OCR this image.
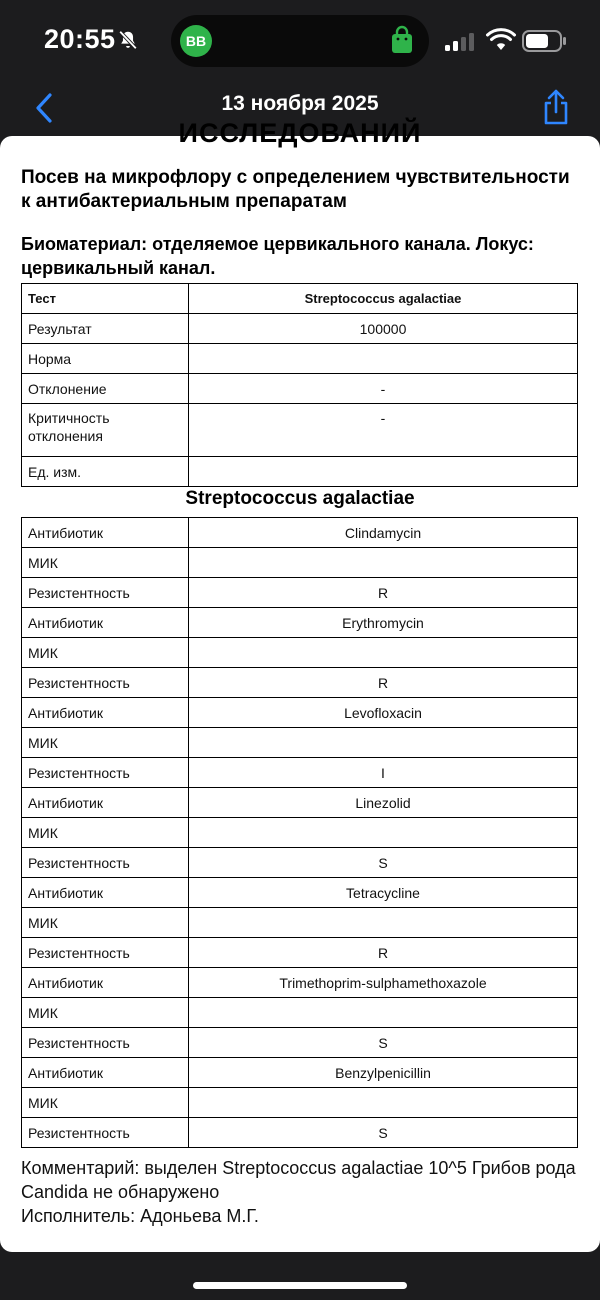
20:55	BB
13 ноября 2025
ИССЛЕДОВАНИЙ
Посев на микрофлору с определением чувствительности к антибактериальным препаратам
Биоматериал: отделяемое цервикального канала. Локус: цервикальный канал.
Тест	Streptococcus agalactiae
Результат	100000
Норма	
Отклонение	-
Критичность отклонения	-
Ед. изм.	
Streptococcus agalactiae
Антибиотик	Clindamycin
МИК	
Резистентность	R
Антибиотик	Erythromycin
МИК	
Резистентность	R
Антибиотик	Levofloxacin
МИК	
Резистентность	I
Антибиотик	Linezolid
МИК	
Резистентность	S
Антибиотик	Tetracycline
МИК	
Резистентность	R
Антибиотик	Trimethoprim-sulphamethoxazole
МИК	
Резистентность	S
Антибиотик	Benzylpenicillin
МИК	
Резистентность	S
Комментарий: выделен Streptococcus agalactiae 10^5 Грибов рода Candida не обнаружено
Исполнитель: Адоньева М.Г.
